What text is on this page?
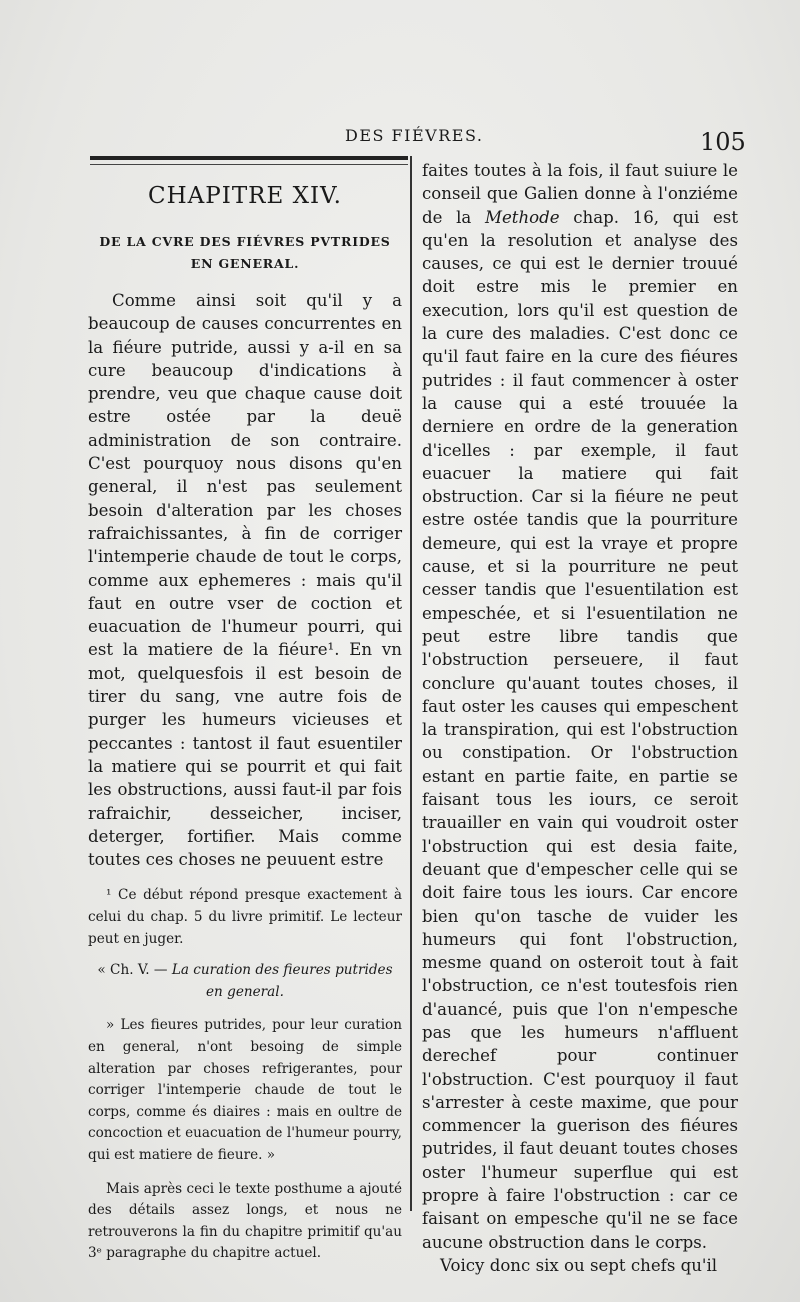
DES FIÉVRES.	105
CHAPITRE XIV.
DE LA CVRE DES FIÉVRES PVTRIDES
EN GENERAL.

Comme ainsi soit qu'il y a beaucoup de causes concurrentes en la fiéure putride, aussi y a-il en sa cure beaucoup d'indications à prendre, veu que chaque cause doit estre ostée par la deuë administration de son contraire. C'est pourquoy nous disons qu'en general, il n'est pas seulement besoin d'alteration par les choses rafraichissantes, à fin de corriger l'intemperie chaude de tout le corps, comme aux ephemeres : mais qu'il faut en outre vser de coction et euacuation de l'humeur pourri, qui est la matiere de la fiéure¹. En vn mot, quelquesfois il est besoin de tirer du sang, vne autre fois de purger les humeurs vicieuses et peccantes : tantost il faut esuentiler la matiere qui se pourrit et qui fait les obstructions, aussi faut-il par fois rafraichir, desseicher, inciser, deterger, fortifier. Mais comme toutes ces choses ne peuuent estre

¹ Ce début répond presque exactement à celui du chap. 5 du livre primitif. Le lecteur peut en juger.

« Ch. V. — La curation des fieures putrides en general.

» Les fieures putrides, pour leur curation en general, n'ont besoing de simple alteration par choses refrigerantes, pour corriger l'intemperie chaude de tout le corps, comme és diaires : mais en oultre de concoction et euacuation de l'humeur pourry, qui est matiere de fieure. »

Mais après ceci le texte posthume a ajouté des détails assez longs, et nous ne retrouverons la fin du chapitre primitif qu'au 3ᵉ paragraphe du chapitre actuel.

faites toutes à la fois, il faut suiure le conseil que Galien donne à l'onziéme de la Methode chap. 16, qui est qu'en la resolution et analyse des causes, ce qui est le dernier trouué doit estre mis le premier en execution, lors qu'il est question de la cure des maladies. C'est donc ce qu'il faut faire en la cure des fiéures putrides : il faut commencer à oster la cause qui a esté trouuée la derniere en ordre de la generation d'icelles : par exemple, il faut euacuer la matiere qui fait obstruction. Car si la fiéure ne peut estre ostée tandis que la pourriture demeure, qui est la vraye et propre cause, et si la pourriture ne peut cesser tandis que l'esuentilation est empeschée, et si l'esuentilation ne peut estre libre tandis que l'obstruction perseuere, il faut conclure qu'auant toutes choses, il faut oster les causes qui empeschent la transpiration, qui est l'obstruction ou constipation. Or l'obstruction estant en partie faite, en partie se faisant tous les iours, ce seroit trauailler en vain qui voudroit oster l'obstruction qui est desia faite, deuant que d'empescher celle qui se doit faire tous les iours. Car encore bien qu'on tasche de vuider les humeurs qui font l'obstruction, mesme quand on osteroit tout à fait l'obstruction, ce n'est toutesfois rien d'auancé, puis que l'on n'empesche pas que les humeurs n'affluent derechef pour continuer l'obstruction. C'est pourquoy il faut s'arrester à ceste maxime, que pour commencer la guerison des fiéures putrides, il faut deuant toutes choses oster l'humeur superflue qui est propre à faire l'obstruction : car ce faisant on empesche qu'il ne se face aucune obstruction dans le corps.

Voicy donc six ou sept chefs qu'il
